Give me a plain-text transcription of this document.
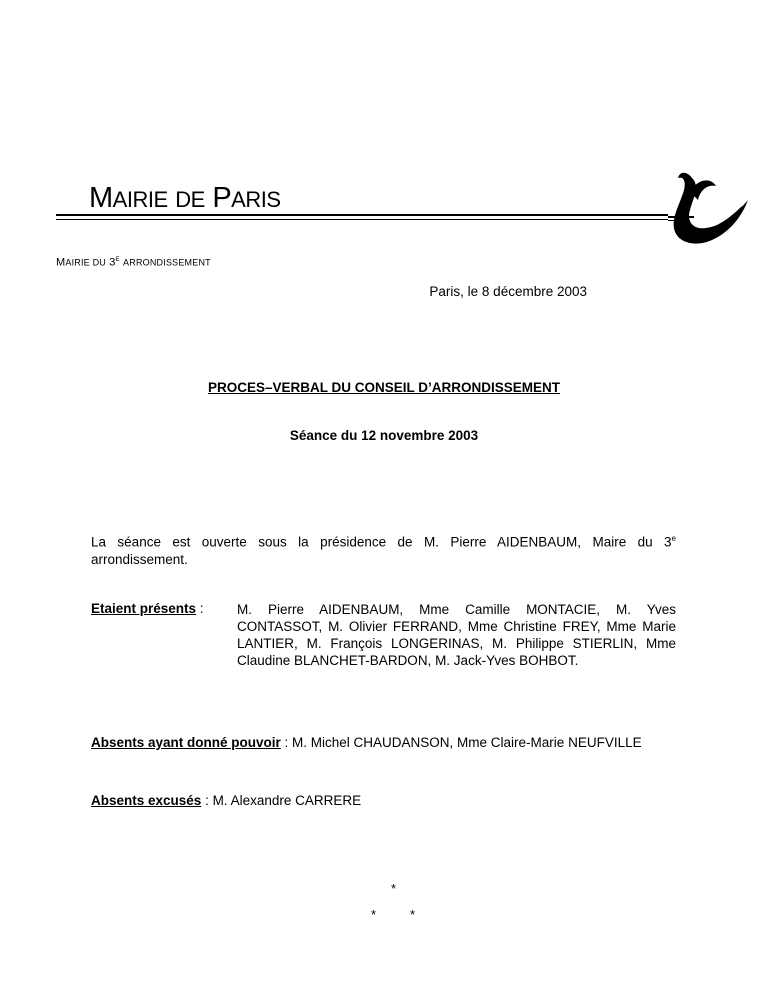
MAIRIE DE PARIS
MAIRIE DU $3^E$ ARRONDISSEMENT
Paris, le 8 décembre 2003
PROCES–VERBAL DU CONSEIL D’ARRONDISSEMENT
Séance du 12 novembre 2003
La séance est ouverte sous la présidence de M. Pierre AIDENBAUM, Maire du 3e arrondissement.
Etaient présents : M. Pierre AIDENBAUM, Mme Camille MONTACIE, M. Yves CONTASSOT, M. Olivier FERRAND, Mme Christine FREY, Mme Marie LANTIER, M. François LONGERINAS, M. Philippe STIERLIN, Mme Claudine BLANCHET-BARDON, M. Jack-Yves BOHBOT.
Absents ayant donné pouvoir : M. Michel CHAUDANSON, Mme Claire-Marie NEUFVILLE
Absents excusés : M. Alexandre CARRERE
*
*	*
